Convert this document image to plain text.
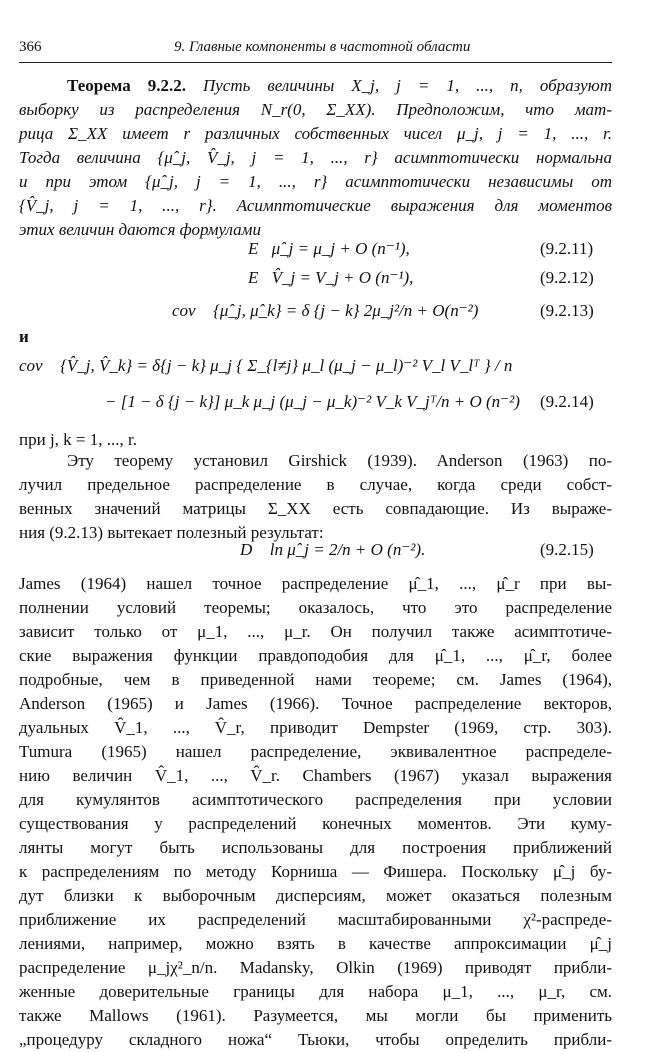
366	9. Главные компоненты в частотной области
Теорема 9.2.2. Пусть величины X_j, j = 1, ..., n, образуют
выборку из распределения N_r(0, Σ_XX). Предположим, что мат-
рица Σ_XX имеет r различных собственных чисел μ_j, j = 1, ..., r.
Тогда величина {μ̂_j, V̂_j, j = 1, ..., r} асимптотически нормальна
и при этом {μ̂_j, j = 1, ..., r} асимптотически независимы от
{V̂_j, j = 1, ..., r}. Асимптотические выражения для моментов
этих величин даются формулами
E⃗μ̂_j = μ_j + O (n⁻¹),	(9.2.11)
E⃗V̂_j = V_j + O (n⁻¹),	(9.2.12)
cov⃗ {μ̂_j, μ̂_k} = δ {j − k} 2μ_j²/n + O(n⁻²)	(9.2.13)
и
cov⃗ {V̂_j, V̂_k} = δ{j − k} μ_j { Σ_{l≠j} μ_l (μ_j − μ_l)⁻² V_l V_lᵀ } / n
− [1 − δ {j − k}] μ_k μ_j (μ_j − μ_k)⁻² V_k V_jᵀ/n + O (n⁻²) (9.2.14)
при j, k = 1, ..., r.
Эту теорему установил Girshick (1939). Anderson (1963) по-
лучил предельное распределение в случае, когда среди собст-
венных значений матрицы Σ_XX есть совпадающие. Из выраже-
ния (9.2.13) вытекает полезный результат:
D⃗ ln μ̂_j = 2/n + O (n⁻²).	(9.2.15)
James (1964) нашел точное распределение μ̂_1, ..., μ̂_r при вы-
полнении условий теоремы; оказалось, что это распределение
зависит только от μ_1, ..., μ_r. Он получил также асимптотиче-
ские выражения функции правдоподобия для μ̂_1, ..., μ̂_r, более
подробные, чем в приведенной нами теореме; см. James (1964),
Anderson (1965) и James (1966). Точное распределение векторов,
дуальных V̂_1, ..., V̂_r, приводит Dempster (1969, стр. 303).
Tumura (1965) нашел распределение, эквивалентное распределе-
нию величин V̂_1, ..., V̂_r. Chambers (1967) указал выражения
для кумулянтов асимптотического распределения при условии
существования у распределений конечных моментов. Эти куму-
лянты могут быть использованы для построения приближений
к распределениям по методу Корниша — Фишера. Поскольку μ̂_j бу-
дут близки к выборочным дисперсиям, может оказаться полезным
приближение их распределений масштабированными χ²-распреде-
лениями, например, можно взять в качестве аппроксимации μ̂_j
распределение μ_jχ²_n/n. Madansky, Olkin (1969) приводят прибли-
женные доверительные границы для набора μ_1, ..., μ_r, см.
также Mallows (1961). Разумеется, мы могли бы применить
„процедуру складного ножа“ Тьюки, чтобы определить прибли-
